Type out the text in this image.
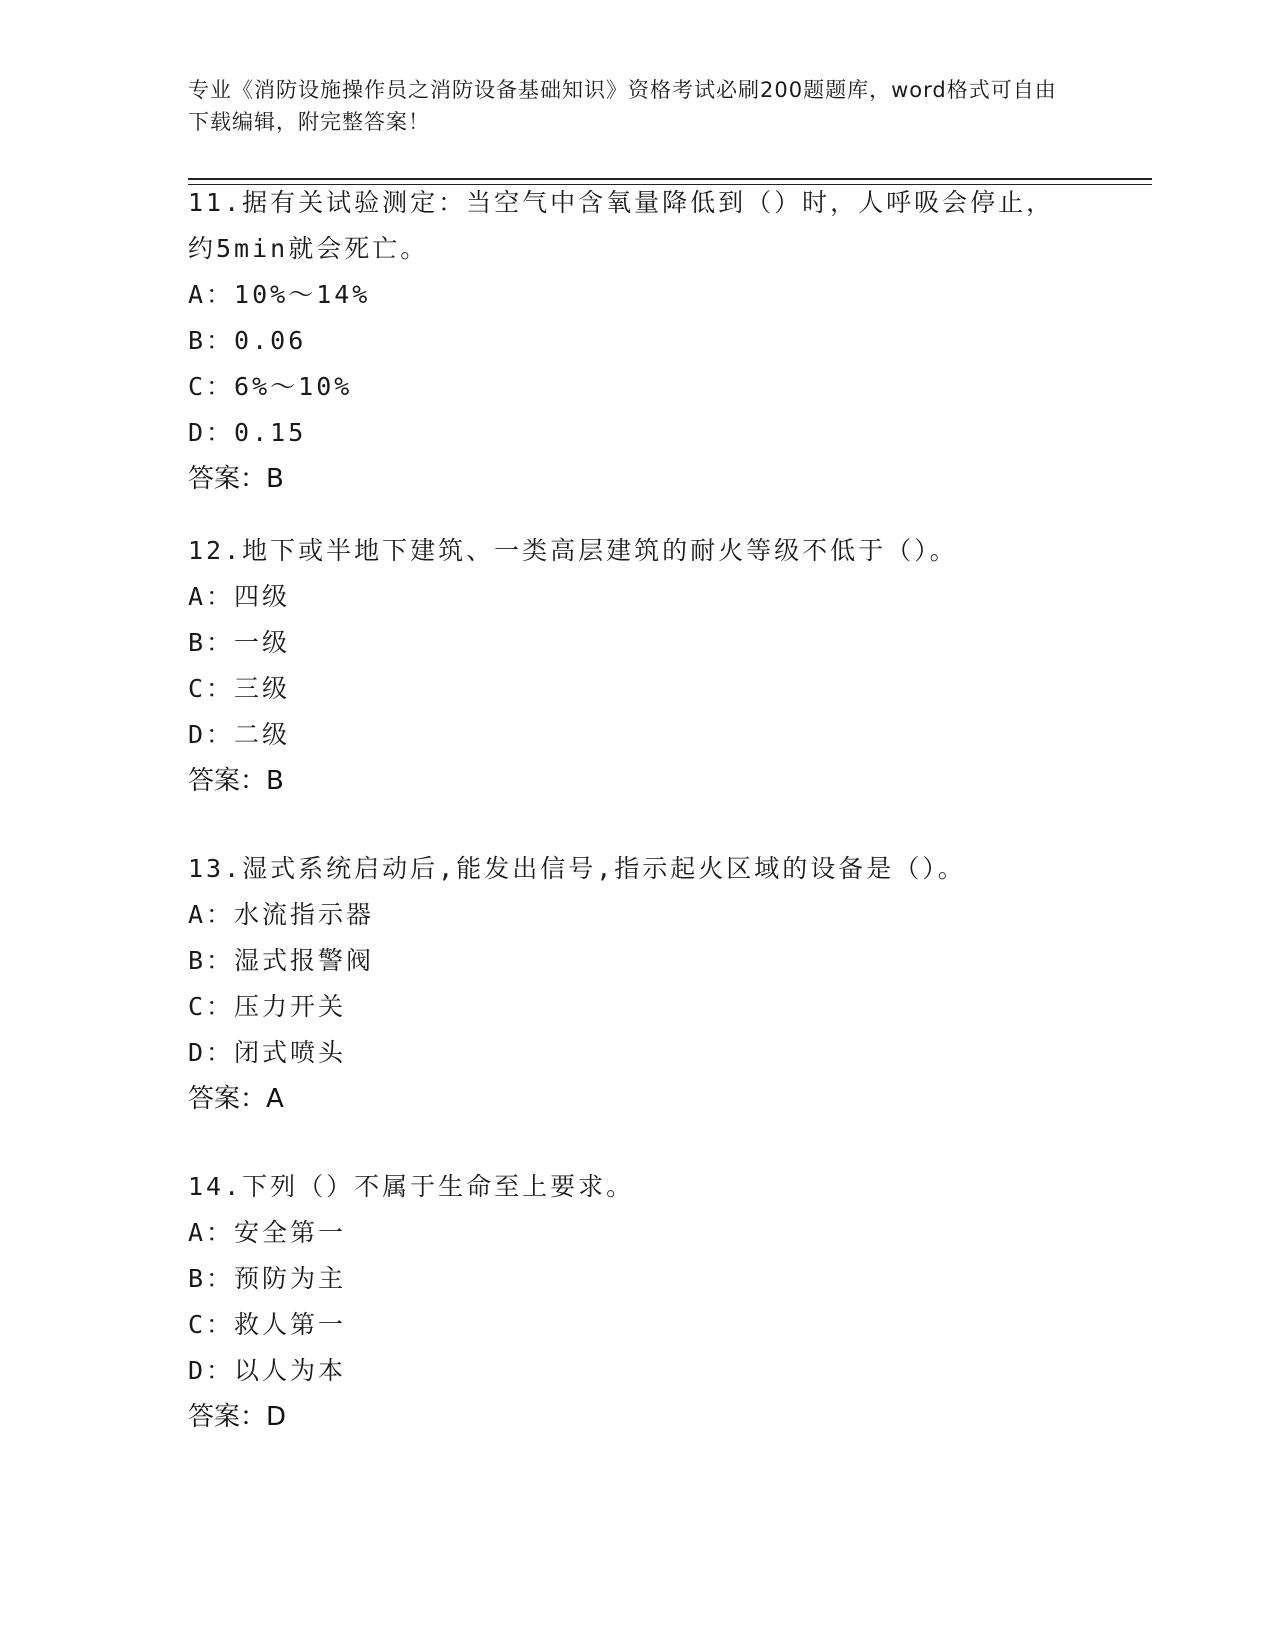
专业《消防设施操作员之消防设备基础知识》资格考试必刷200题题库，word格式可自由下载编辑，附完整答案！

11.据有关试验测定：当空气中含氧量降低到（）时，人呼吸会停止，约5min就会死亡。

A：10%～14%

B：0.06

C：6%～10%

D：0.15

答案：B

12.地下或半地下建筑、一类高层建筑的耐火等级不低于（）。

A：四级

B：一级

C：三级

D：二级

答案：B

13.湿式系统启动后,能发出信号,指示起火区域的设备是（）。

A：水流指示器

B：湿式报警阀

C：压力开关

D：闭式喷头

答案：A

14.下列（）不属于生命至上要求。

A：安全第一

B：预防为主

C：救人第一

D：以人为本

答案：D
